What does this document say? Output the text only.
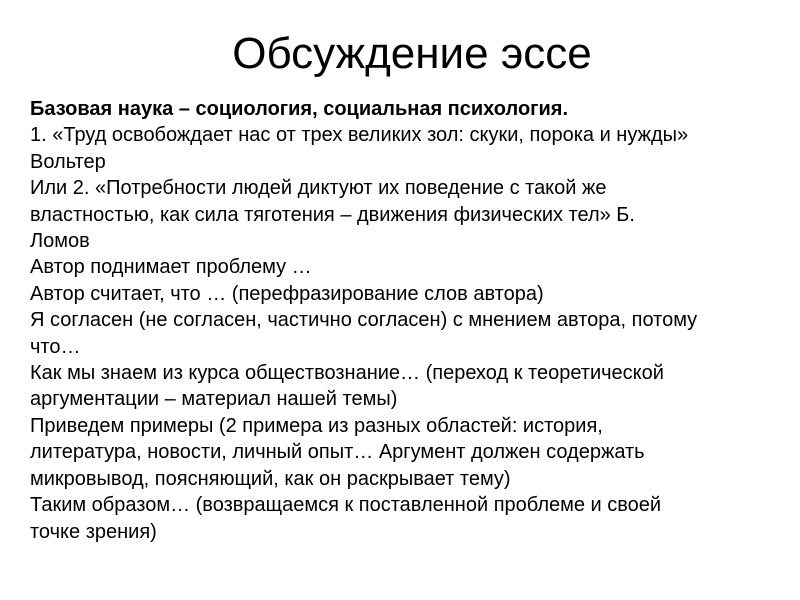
Обсуждение эссе
Базовая наука – социология, социальная психология.
1. «Труд освобождает нас от трех великих зол: скуки, порока и нужды»
Вольтер
Или 2. «Потребности людей диктуют их поведение с такой же
властностью, как сила тяготения – движения физических тел» Б.
Ломов
Автор поднимает проблему …
Автор считает, что … (перефразирование слов автора)
Я согласен (не согласен, частично согласен) с мнением автора, потому
что…
Как мы знаем из курса обществознание… (переход к теоретической
аргументации – материал нашей темы)
Приведем примеры (2 примера из разных областей: история,
литература, новости, личный опыт… Аргумент должен содержать
микровывод, поясняющий, как он раскрывает тему)
Таким образом… (возвращаемся к поставленной проблеме и своей
точке зрения)
